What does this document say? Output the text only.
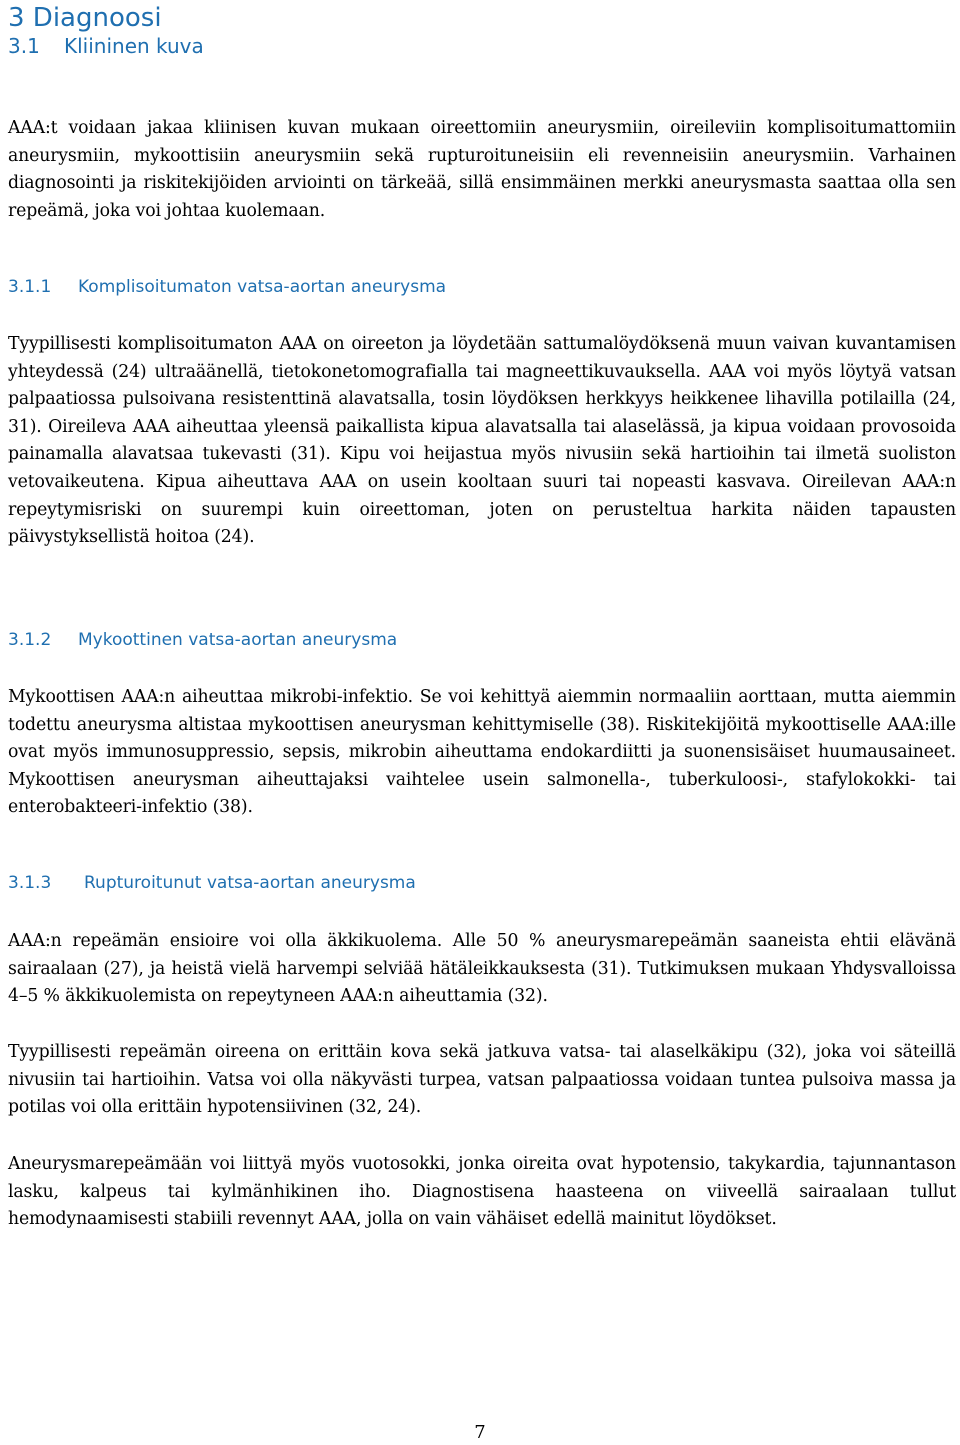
3 Diagnoosi
3.1 Kliininen kuva

AAA:t voidaan jakaa kliinisen kuvan mukaan oireettomiin aneurysmiin, oireileviin komplisoitumattomiin aneurysmiin, mykoottisiin aneurysmiin sekä rupturoituneisiin eli revenneisiin aneurysmiin. Varhainen diagnosointi ja riskitekijöiden arviointi on tärkeää, sillä ensimmäinen merkki aneurysmasta saattaa olla sen repeämä, joka voi johtaa kuolemaan.

3.1.1 Komplisoitumaton vatsa-aortan aneurysma

Tyypillisesti komplisoitumaton AAA on oireeton ja löydetään sattumalöydöksenä muun vaivan kuvantamisen yhteydessä (24) ultraäänellä, tietokonetomografialla tai magneettikuvauksella. AAA voi myös löytyä vatsan palpaatiossa pulsoivana resistenttinä alavatsalla, tosin löydöksen herkkyys heikkenee lihavilla potilailla (24, 31). Oireileva AAA aiheuttaa yleensä paikallista kipua alavatsalla tai alaselässä, ja kipua voidaan provosoida painamalla alavatsaa tukevasti (31). Kipu voi heijastua myös nivusiin sekä hartioihin tai ilmetä suoliston vetovaikeutena. Kipua aiheuttava AAA on usein kooltaan suuri tai nopeasti kasvava. Oireilevan AAA:n repeytymisriski on suurempi kuin oireettoman, joten on perusteltua harkita näiden tapausten päivystyksellistä hoitoa (24).

3.1.2 Mykoottinen vatsa-aortan aneurysma

Mykoottisen AAA:n aiheuttaa mikrobi-infektio. Se voi kehittyä aiemmin normaaliin aorttaan, mutta aiemmin todettu aneurysma altistaa mykoottisen aneurysman kehittymiselle (38). Riskitekijöitä mykoottiselle AAA:ille ovat myös immunosuppressio, sepsis, mikrobin aiheuttama endokardiitti ja suonensisäiset huumausaineet. Mykoottisen aneurysman aiheuttajaksi vaihtelee usein salmonella-, tuberkuloosi-, stafylokokki- tai enterobakteeri-infektio (38).

3.1.3 Rupturoitunut vatsa-aortan aneurysma

AAA:n repeämän ensioire voi olla äkkikuolema. Alle 50 % aneurysmarepeämän saaneista ehtii elävänä sairaalaan (27), ja heistä vielä harvempi selviää hätäleikkauksesta (31). Tutkimuksen mukaan Yhdysvalloissa 4–5 % äkkikuolemista on repeytyneen AAA:n aiheuttamia (32).

Tyypillisesti repeämän oireena on erittäin kova sekä jatkuva vatsa- tai alaselkäkipu (32), joka voi säteillä nivusiin tai hartioihin. Vatsa voi olla näkyvästi turpea, vatsan palpaatiossa voidaan tuntea pulsoiva massa ja potilas voi olla erittäin hypotensiivinen (32, 24).

Aneurysmarepeämään voi liittyä myös vuotosokki, jonka oireita ovat hypotensio, takykardia, tajunnantason lasku, kalpeus tai kylmänhikinen iho. Diagnostisena haasteena on viiveellä sairaalaan tullut hemodynaamisesti stabiili revennyt AAA, jolla on vain vähäiset edellä mainitut löydökset.

7
